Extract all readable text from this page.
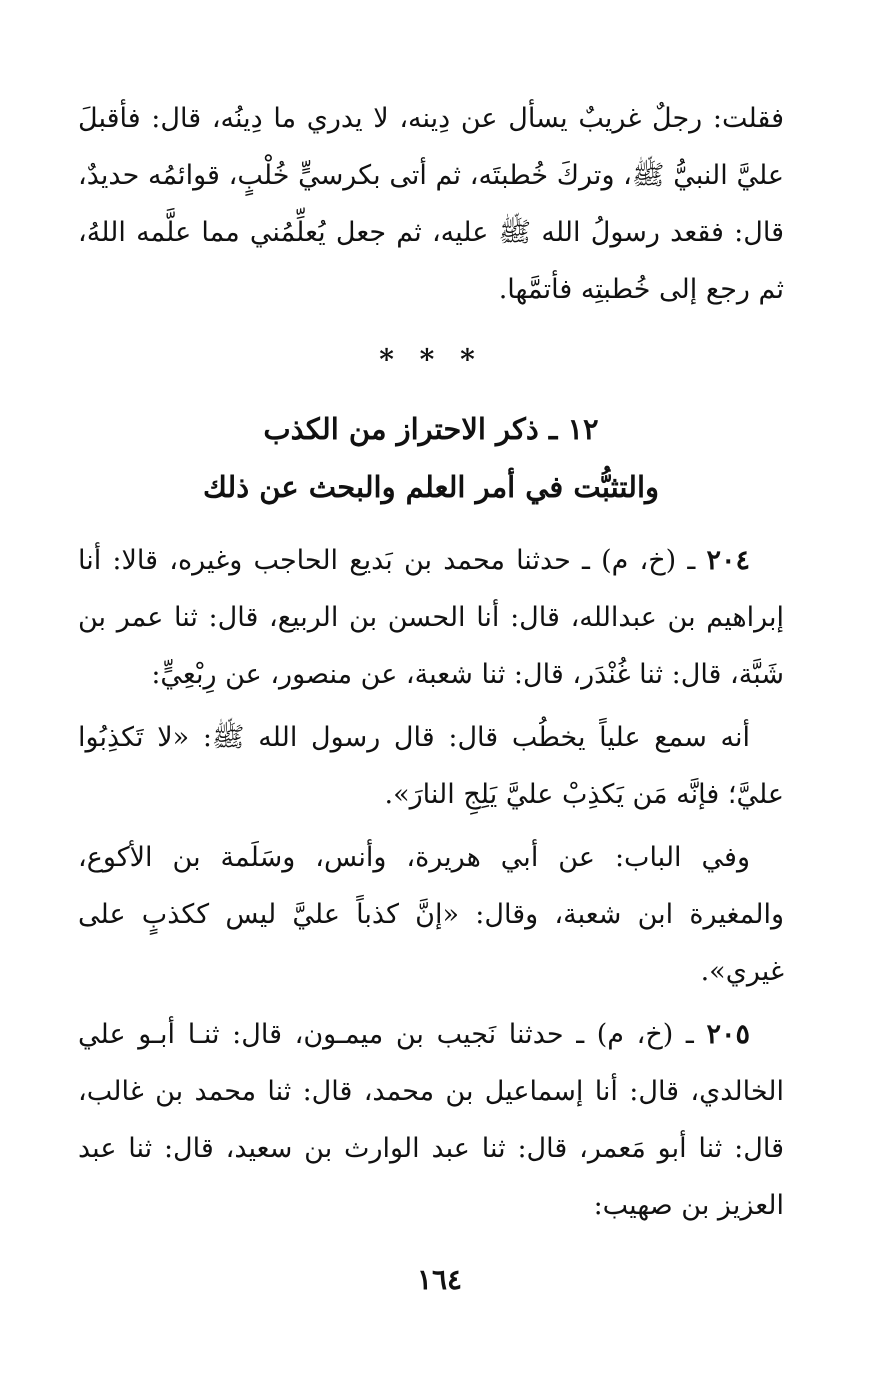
فقلت: رجلٌ غريبٌ يسأل عن دِينه، لا يدري ما دِينُه، قال: فأقبلَ عليَّ النبيُّ ﷺ، وتركَ خُطبتَه، ثم أتى بكرسيٍّ خُلْبٍ، قوائمُه حديدٌ، قال: فقعد رسولُ الله ﷺ عليه، ثم جعل يُعلِّمُني مما علَّمه اللهُ، ثم رجع إلى خُطبتِه فأتمَّها.

* * *
١٢ ـ ذكر الاحتراز من الكذب
والتثبُّت في أمر العلم والبحث عن ذلك

٢٠٤ ـ (خ، م) ـ حدثنا محمد بن بَديع الحاجب وغيره، قالا: أنا إبراهيم بن عبدالله، قال: أنا الحسن بن الربيع، قال: ثنا عمر بن شَبَّة، قال: ثنا غُنْدَر، قال: ثنا شعبة، عن منصور، عن رِبْعِيٍّ:

أنه سمع علياً يخطُب قال: قال رسول الله ﷺ: «لا تَكذِبُوا عليَّ؛ فإنَّه مَن يَكذِبْ عليَّ يَلِجِ النارَ».

وفي الباب: عن أبي هريرة، وأنس، وسَلَمة بن الأكوع، والمغيرة ابن شعبة، وقال: «إنَّ كذباً عليَّ ليس ككذبٍ على غيري».

٢٠٥ ـ (خ، م) ـ حدثنا نَجيب بن ميمـون، قال: ثنـا أبـو علي الخالدي، قال: أنا إسماعيل بن محمد، قال: ثنا محمد بن غالب، قال: ثنا أبو مَعمر، قال: ثنا عبد الوارث بن سعيد، قال: ثنا عبد العزيز بن صهيب:

١٦٤
